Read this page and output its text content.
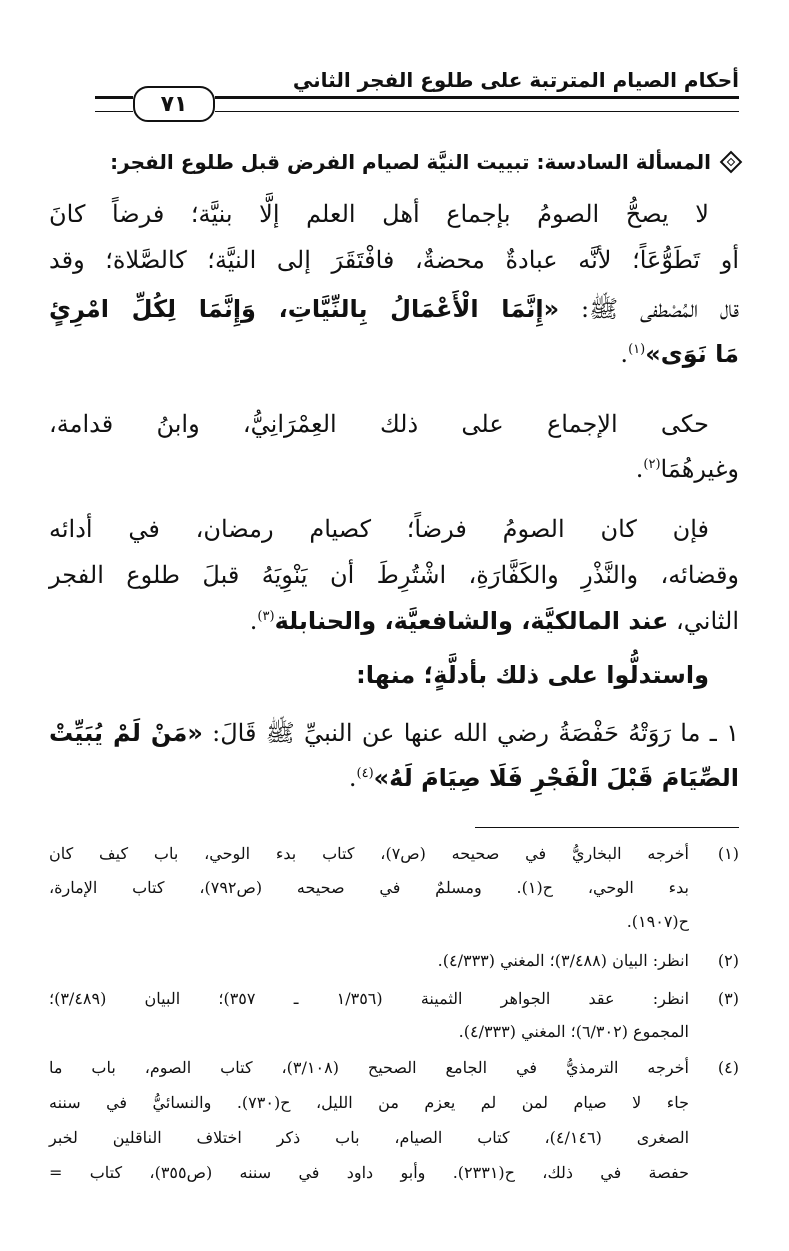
أحكام الصيام المترتبة على طلوع الفجر الثاني
٧١
المسألة السادسة: تبييت النيَّة لصيام الفرض قبل طلوع الفجر:
لا يصحُّ الصومُ بإجماع أهل العلم إلَّا بنيَّة؛ فرضاً كانَ
أو تَطَوُّعَاً؛ لأنَّه عبادةٌ محضةٌ، فافْتَقَرَ إلى النيَّة؛ كالصَّلاة؛ وقد
قال المُصْطفى ﷺ: «إِنَّمَا الْأَعْمَالُ بِالنِّيَّاتِ، وَإِنَّمَا لِكُلِّ امْرِئٍ
مَا نَوَى»$^{(١)}$.
حكى الإجماع على ذلك العِمْرَانِيُّ، وابنُ قدامة،
وغيرهُمَا$^{(٢)}$.
فإن كان الصومُ فرضاً؛ كصيام رمضان، في أدائه
وقضائه، والنَّذْرِ والكَفَّارَةِ، اشْتُرِطَ أن يَنْوِيَهُ قبلَ طلوع الفجر
الثاني، عند المالكيَّة، والشافعيَّة، والحنابلة$^{(٣)}$.
واستدلُّوا على ذلك بأدلَّةٍ؛ منها:
١ ـ ما رَوَتْهُ حَفْصَةُ رضي الله عنها عن النبيِّ ﷺ قَالَ: «مَنْ لَمْ يُبَيِّتْ
الصِّيَامَ قَبْلَ الْفَجْرِ فَلَا صِيَامَ لَهُ»$^{(٤)}$.
(١)أخرجه البخاريُّ في صحيحه (ص٧)، كتاب بدء الوحي، باب كيف كان
بدء الوحي، ح(١). ومسلمٌ في صحيحه (ص٧٩٢)، كتاب الإمارة،
ح(١٩٠٧).
(٢)انظر: البيان (٣/٤٨٨)؛ المغني (٤/٣٣٣).
(٣)انظر: عقد الجواهر الثمينة (١/٣٥٦ ـ ٣٥٧)؛ البيان (٣/٤٨٩)؛
المجموع (٦/٣٠٢)؛ المغني (٤/٣٣٣).
(٤)أخرجه الترمذيُّ في الجامع الصحيح (٣/١٠٨)، كتاب الصوم، باب ما
جاء لا صيام لمن لم يعزم من الليل، ح(٧٣٠). والنسائيُّ في سننه
الصغرى (٤/١٤٦)، كتاب الصيام، باب ذكر اختلاف الناقلين لخبر
حفصة في ذلك، ح(٢٣٣١). وأبو داود في سننه (ص٣٥٥)، كتاب =
